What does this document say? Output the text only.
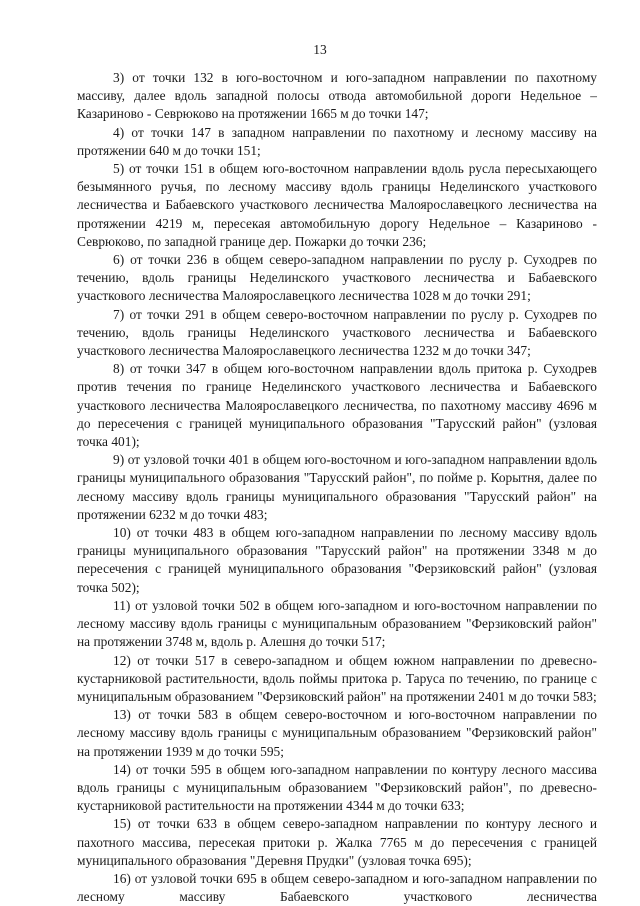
13

3) от точки 132 в юго-восточном и юго-западном направлении по пахотному массиву, далее вдоль западной полосы отвода автомобильной дороги Недельное – Казариново - Севрюково на протяжении 1665 м до точки 147;

4) от точки 147 в западном направлении по пахотному и лесному массиву на протяжении 640 м до точки 151;

5) от точки 151 в общем юго-восточном направлении вдоль русла пересыхающего безымянного ручья, по лесному массиву вдоль границы Неделинского участкового лесничества и Бабаевского участкового лесничества Малоярославецкого лесничества на протяжении 4219 м, пересекая автомобильную дорогу Недельное – Казариново - Севрюково, по западной границе дер. Пожарки до точки 236;

6) от точки 236 в общем северо-западном направлении по руслу р. Суходрев по течению, вдоль границы Неделинского участкового лесничества и Бабаевского участкового лесничества Малоярославецкого лесничества 1028 м до точки 291;

7) от точки 291 в общем северо-восточном направлении по руслу р. Суходрев по течению, вдоль границы Неделинского участкового лесничества и Бабаевского участкового лесничества Малоярославецкого лесничества 1232 м до точки 347;

8) от точки 347 в общем юго-восточном направлении вдоль притока р. Суходрев против течения по границе Неделинского участкового лесничества и Бабаевского участкового лесничества Малоярославецкого лесничества, по пахотному массиву 4696 м до пересечения с границей муниципального образования "Тарусский район" (узловая точка 401);

9) от узловой точки 401 в общем юго-восточном и юго-западном направлении вдоль границы муниципального образования "Тарусский район", по пойме р. Корытня, далее по лесному массиву вдоль границы муниципального образования "Тарусский район" на протяжении 6232 м до точки 483;

10) от точки 483 в общем юго-западном направлении по лесному массиву вдоль границы муниципального образования "Тарусский район" на протяжении 3348 м до пересечения с границей муниципального образования "Ферзиковский район" (узловая точка 502);

11) от узловой точки 502 в общем юго-западном и юго-восточном направлении по лесному массиву вдоль границы с муниципальным образованием "Ферзиковский район" на протяжении 3748 м, вдоль р. Алешня до точки 517;

12) от точки 517 в северо-западном и общем южном направлении по древесно-кустарниковой растительности, вдоль поймы притока р. Таруса по течению, по границе с муниципальным образованием "Ферзиковский район" на протяжении 2401 м до точки 583;

13) от точки 583 в общем северо-восточном и юго-восточном направлении по лесному массиву вдоль границы с муниципальным образованием "Ферзиковский район" на протяжении 1939 м до точки 595;

14) от точки 595 в общем юго-западном направлении по контуру лесного массива вдоль границы с муниципальным образованием "Ферзиковский район", по древесно-кустарниковой растительности на протяжении 4344 м до точки 633;

15) от точки 633 в общем северо-западном направлении по контуру лесного и пахотного массива, пересекая притоки р. Жалка 7765 м до пересечения с границей муниципального образования "Деревня Прудки" (узловая точка 695);

16) от узловой точки 695 в общем северо-западном и юго-западном направлении по лесному массиву Бабаевского участкового лесничества
